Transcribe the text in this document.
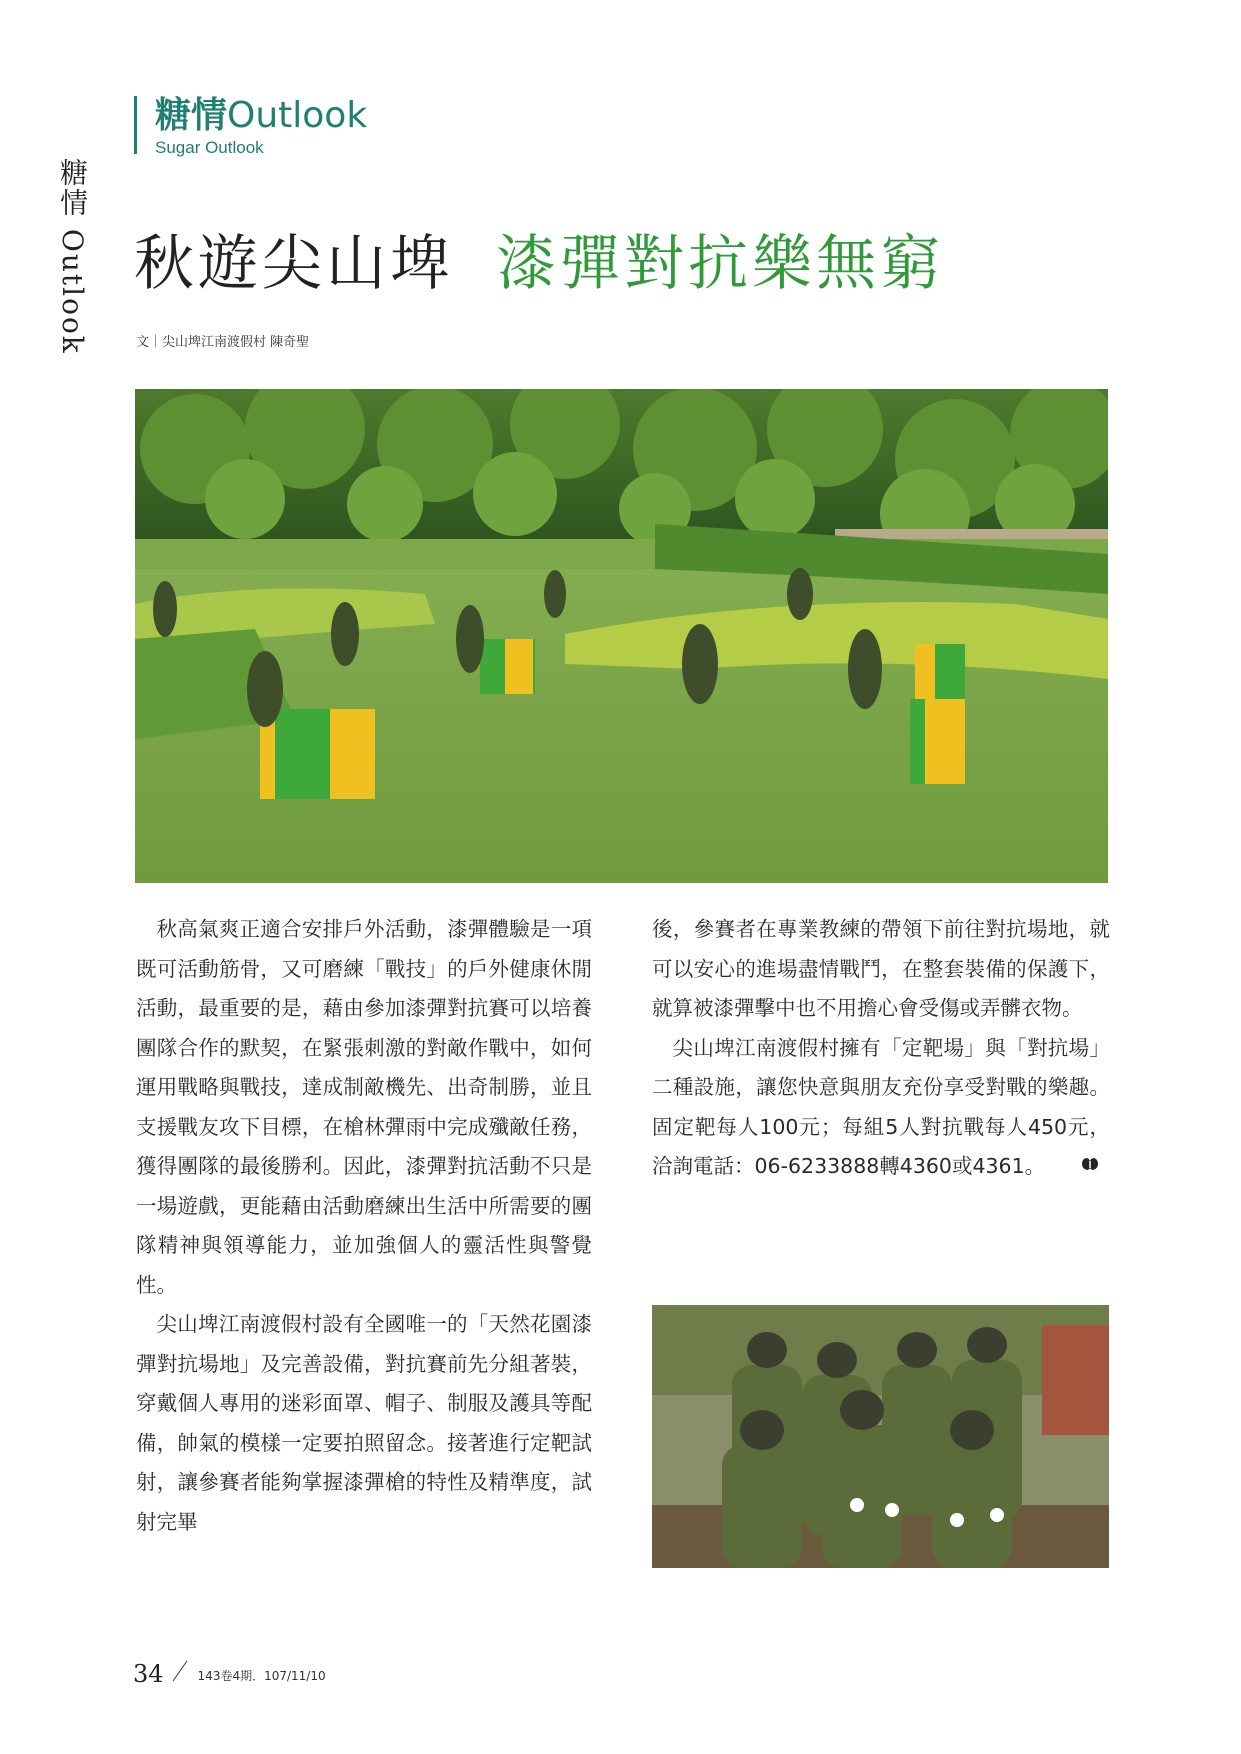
糖情 Outlook
糖情Outlook
Sugar Outlook
秋遊尖山埤 漆彈對抗樂無窮
文｜尖山埤江南渡假村 陳奇聖

秋高氣爽正適合安排戶外活動，漆彈體驗是一項既可活動筋骨，又可磨練「戰技」的戶外健康休閒活動，最重要的是，藉由參加漆彈對抗賽可以培養團隊合作的默契，在緊張刺激的對敵作戰中，如何運用戰略與戰技，達成制敵機先、出奇制勝，並且支援戰友攻下目標，在槍林彈雨中完成殲敵任務，獲得團隊的最後勝利。因此，漆彈對抗活動不只是一場遊戲，更能藉由活動磨練出生活中所需要的團隊精神與領導能力，並加強個人的靈活性與警覺性。

尖山埤江南渡假村設有全國唯一的「天然花園漆彈對抗場地」及完善設備，對抗賽前先分組著裝，穿戴個人專用的迷彩面罩、帽子、制服及護具等配備，帥氣的模樣一定要拍照留念。接著進行定靶試射，讓參賽者能夠掌握漆彈槍的特性及精準度，試射完畢

後，參賽者在專業教練的帶領下前往對抗場地，就可以安心的進場盡情戰鬥，在整套裝備的保護下，就算被漆彈擊中也不用擔心會受傷或弄髒衣物。

尖山埤江南渡假村擁有「定靶場」與「對抗場」二種設施，讓您快意與朋友充份享受對戰的樂趣。固定靶每人100元；每組5人對抗戰每人450元，洽詢電話：06-6233888轉4360或4361。

34	143卷4期．107/11/10
